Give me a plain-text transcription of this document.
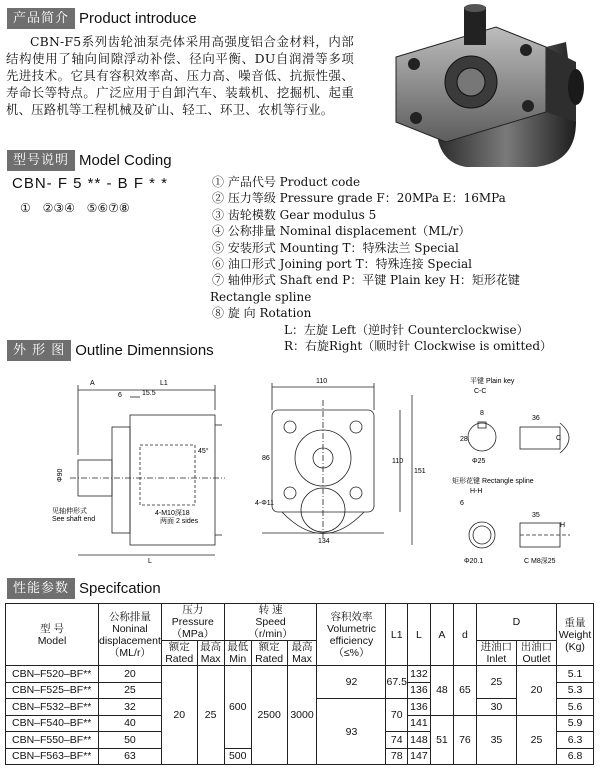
产品简介 Product introduce
CBN-F5系列齿轮油泵壳体采用高强度铝合金材料，内部结构使用了轴向间隙浮动补偿、径向平衡、DU自润滑等多项先进技术。它具有容积效率高、压力高、噪音低、抗振性强、寿命长等特点。广泛应用于自卸汽车、装载机、挖掘机、起重机、压路机等工程机械及矿山、轻工、环卫、农机等行业。
型号说明 Model Coding
CBN- F 5 ** - B F * *
① ②③④ ⑤⑥⑦⑧
① 产品代号 Product code
② 压力等级 Pressure grade F：20MPa E：16MPa
③ 齿轮模数 Gear modulus 5
④ 公称排量 Nominal displacement（ML/r）
⑤ 安装形式 Mounting T：特殊法兰 Special
⑥ 油口形式 Joining port T：特殊连接 Special
⑦ 轴伸形式 Shaft end P：平键 Plain key H：矩形花键
Rectangle spline
⑧ 旋 向 Rotation
L：左旋 Left（逆时针 Counterclockwise）
R：右旋Right（顺时针 Clockwise is omitted）
外 形 图 Outline Dimennsions
A	L1
6	15.5
Φ90
45°
4-M10深18
两面 2 sides
L
见轴伸形式
See shaft end
110
86	110
151
4-Φ11
134
平键 Plain key
C-C
8
36
C
28
Φ25
矩形花键 Rectangle spline
H-H
35
H
6
Φ20.1	C M8深25
性能参数 Specifcation
型 号
Model	公称排量
Noninal
displacement
（ML/r）	压力
Pressure
（MPa）		转 速
Speed
（r/min）			容积效率
Volumetric
efficiency
（≤%）	L1	L	A	d	D		重量
Weight
(Kg)
		额定
Rated	最高
Max	最低
Min	额定
Rated	最高
Max						进油口
Inlet	出油口
Outlet	
CBN–F520–BF**	20	20	25	600	2500	3000	92	67.5	132	48	65	25	20	5.1
CBN–F525–BF**	25								136					5.3
CBN–F532–BF**	32						93	70	136			30		5.6
CBN–F540–BF**	40								141	51	76	35	25	5.9
CBN–F550–BF**	50							74	148					6.3
CBN–F563–BF**	63			500				78	147					6.8
